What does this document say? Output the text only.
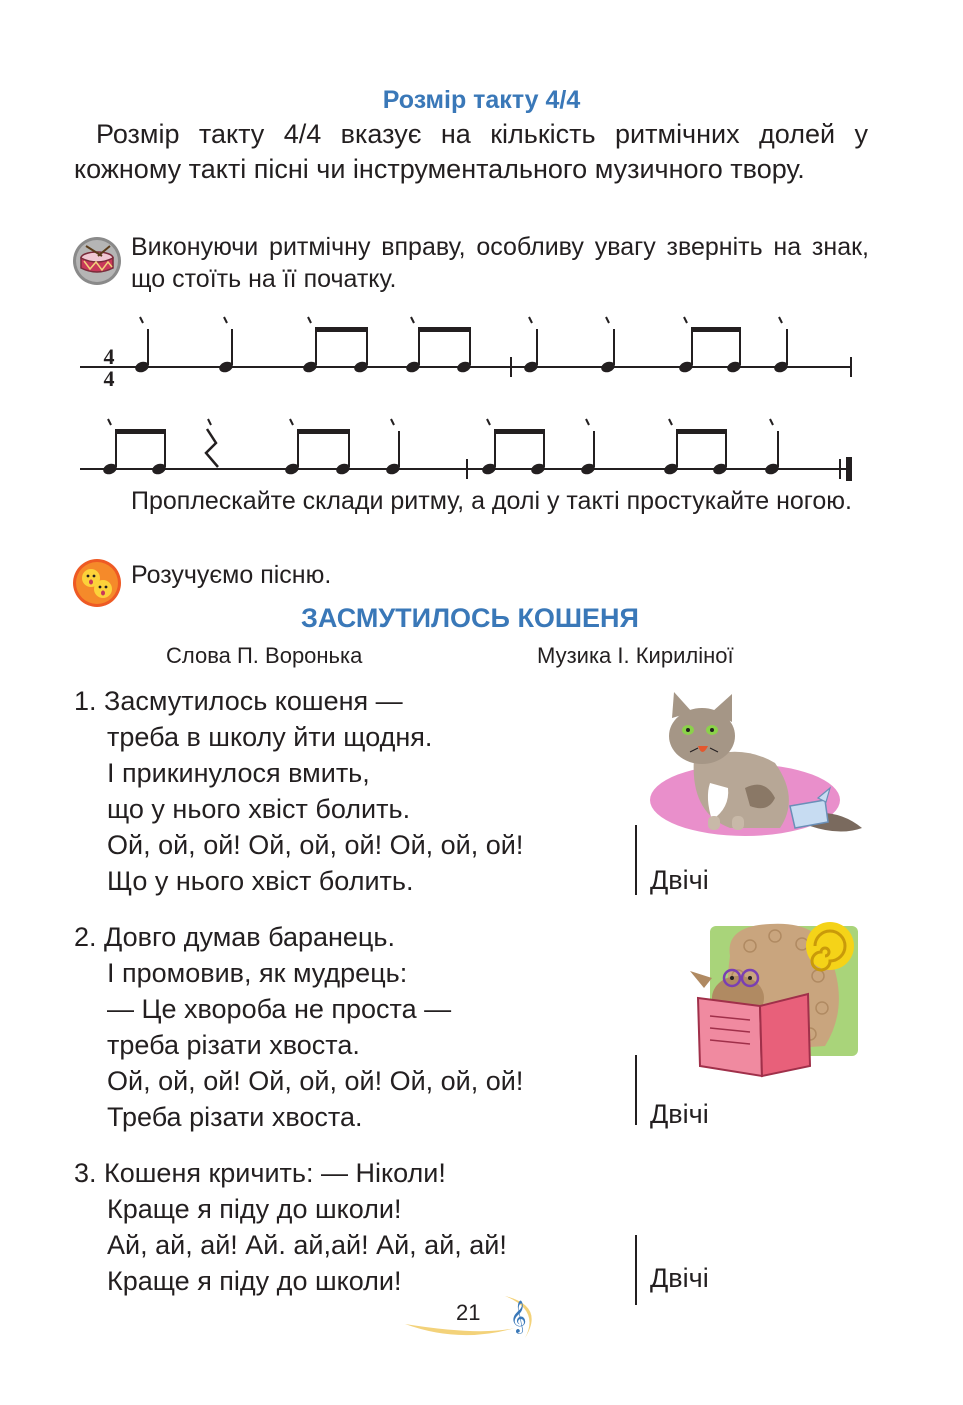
Розмір такту 4/4
Розмір такту 4/4 вказує на кількість ритмічних долей у кожному такті пісні чи інструментального музичного твору.
Виконуючи ритмічну вправу, особливу увагу зверніть на знак, що стоїть на її початку.
4
4
Проплескайте склади ритму, а долі у такті простукайте ногою.
Розучуємо пісню.
ЗАСМУТИЛОСЬ КОШЕНЯ
Слова П. Воронька	Музика І. Кириліної
1. Засмутилось кошеня —
треба в школу йти щодня.
І прикинулося вмить,
що у нього хвіст болить.
Ой, ой, ой! Ой, ой, ой! Ой, ой, ой!
Що у нього хвіст болить.	Двічі
2. Довго думав баранець.
І промовив, як мудрець:
— Це хвороба не проста —
треба різати хвоста.
Ой, ой, ой! Ой, ой, ой! Ой, ой, ой!
Треба різати хвоста.	Двічі
3. Кошеня кричить: — Ніколи!
Краще я піду до школи!
Ай, ай, ай! Ай. ай,ай! Ай, ай, ай!
Краще я піду до школи!	Двічі
21 𝄞
